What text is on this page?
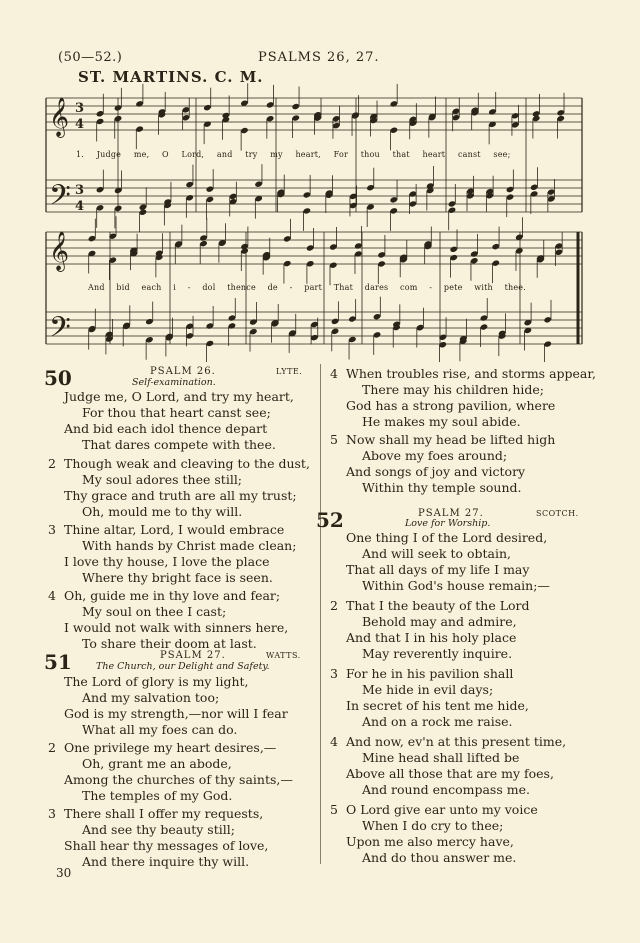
(50—52.)	PSALMS 26, 27.
ST. MARTINS. C. M.
𝄞
𝄢
𝄞
𝄢
3
4
3
4
1. Judge me, O Lord, and try my heart, For thou that heart canst see;
And bid each i - dol thence de - part That dares com - pete with thee.
50	PSALM 26.	LYTE.
Self-examination.
Judge me, O Lord, and try my heart,
For thou that heart canst see;
And bid each idol thence depart
That dares compete with thee.
2 Though weak and cleaving to the dust,
My soul adores thee still;
Thy grace and truth are all my trust;
Oh, mould me to thy will.
3 Thine altar, Lord, I would embrace
With hands by Christ made clean;
I love thy house, I love the place
Where thy bright face is seen.
4 Oh, guide me in thy love and fear;
My soul on thee I cast;
I would not walk with sinners here,
To share their doom at last.
4 When troubles rise, and storms appear,
There may his children hide;
God has a strong pavilion, where
He makes my soul abide.
5 Now shall my head be lifted high
Above my foes around;
And songs of joy and victory
Within thy temple sound.
51	PSALM 27.	WATTS.
The Church, our Delight and Safety.
The Lord of glory is my light,
And my salvation too;
God is my strength,—nor will I fear
What all my foes can do.
2 One privilege my heart desires,—
Oh, grant me an abode,
Among the churches of thy saints,—
The temples of my God.
3 There shall I offer my requests,
And see thy beauty still;
Shall hear thy messages of love,
And there inquire thy will.
52	PSALM 27.	SCOTCH.
Love for Worship.
One thing I of the Lord desired,
And will seek to obtain,
That all days of my life I may
Within God's house remain;—
2 That I the beauty of the Lord
Behold may and admire,
And that I in his holy place
May reverently inquire.
3 For he in his pavilion shall
Me hide in evil days;
In secret of his tent me hide,
And on a rock me raise.
4 And now, ev'n at this present time,
Mine head shall lifted be
Above all those that are my foes,
And round encompass me.
5 O Lord give ear unto my voice
When I do cry to thee;
Upon me also mercy have,
And do thou answer me.
30
